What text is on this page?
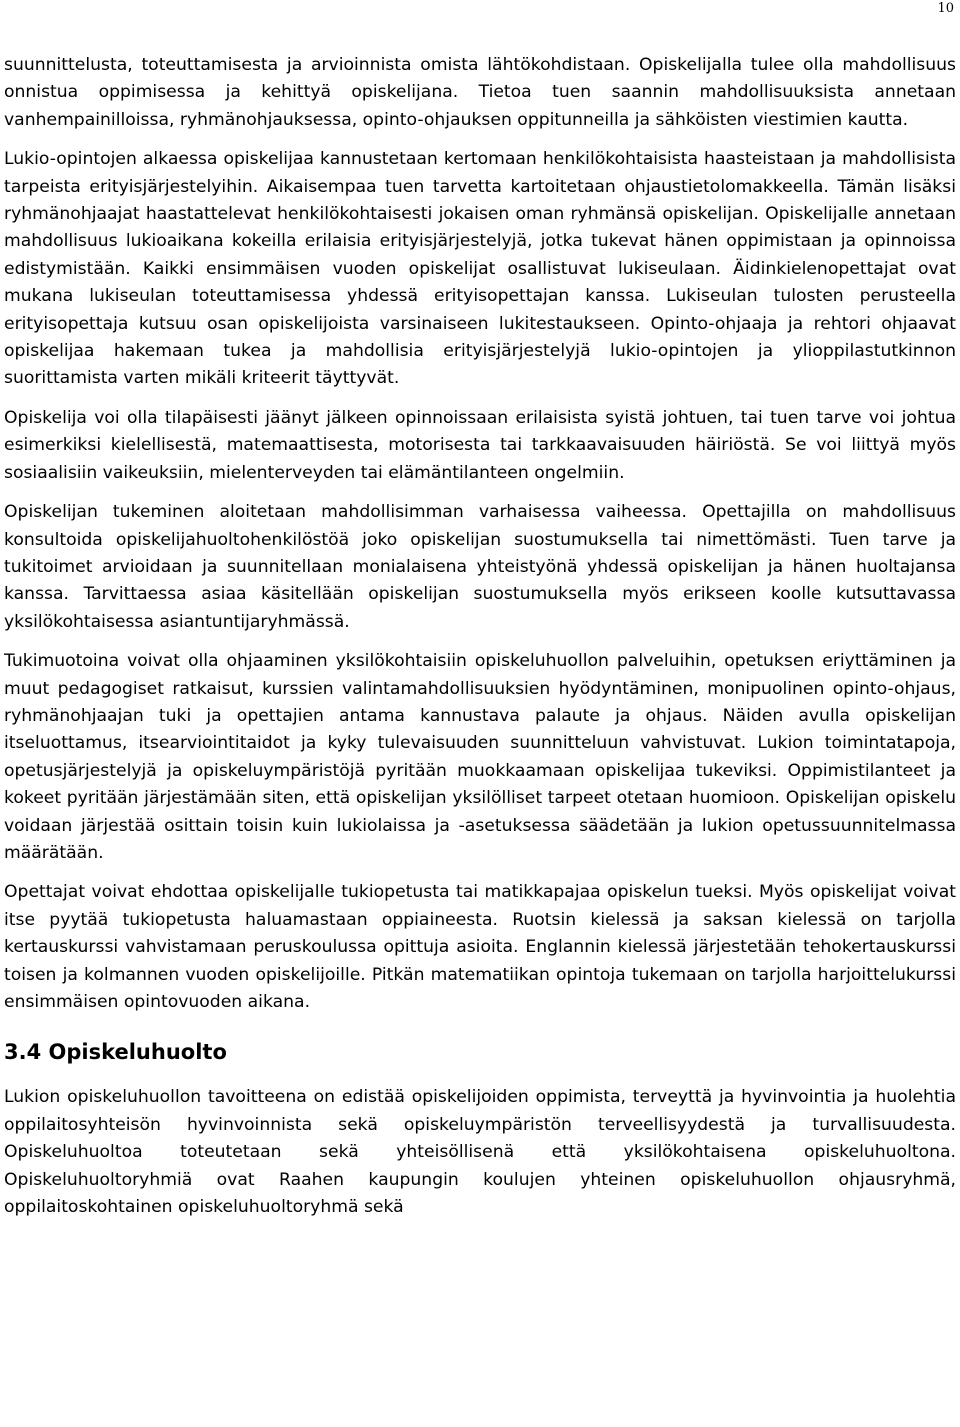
10

suunnittelusta, toteuttamisesta ja arvioinnista omista lähtökohdistaan. Opiskelijalla tulee olla mahdollisuus onnistua oppimisessa ja kehittyä opiskelijana. Tietoa tuen saannin mahdollisuuksista annetaan vanhempainilloissa, ryhmänohjauksessa, opinto-ohjauksen oppitunneilla ja sähköisten viestimien kautta.

Lukio-opintojen alkaessa opiskelijaa kannustetaan kertomaan henkilökohtaisista haasteistaan ja mahdollisista tarpeista erityisjärjestelyihin. Aikaisempaa tuen tarvetta kartoitetaan ohjaustietolomakkeella. Tämän lisäksi ryhmänohjaajat haastattelevat henkilökohtaisesti jokaisen oman ryhmänsä opiskelijan. Opiskelijalle annetaan mahdollisuus lukioaikana kokeilla erilaisia erityisjärjestelyjä, jotka tukevat hänen oppimistaan ja opinnoissa edistymistään. Kaikki ensimmäisen vuoden opiskelijat osallistuvat lukiseulaan. Äidinkielenopettajat ovat mukana lukiseulan toteuttamisessa yhdessä erityisopettajan kanssa. Lukiseulan tulosten perusteella erityisopettaja kutsuu osan opiskelijoista varsinaiseen lukitestaukseen. Opinto-ohjaaja ja rehtori ohjaavat opiskelijaa hakemaan tukea ja mahdollisia erityisjärjestelyjä lukio-opintojen ja ylioppilastutkinnon suorittamista varten mikäli kriteerit täyttyvät.

Opiskelija voi olla tilapäisesti jäänyt jälkeen opinnoissaan erilaisista syistä johtuen, tai tuen tarve voi johtua esimerkiksi kielellisestä, matemaattisesta, motorisesta tai tarkkaavaisuuden häiriöstä. Se voi liittyä myös sosiaalisiin vaikeuksiin, mielenterveyden tai elämäntilanteen ongelmiin.

Opiskelijan tukeminen aloitetaan mahdollisimman varhaisessa vaiheessa. Opettajilla on mahdollisuus konsultoida opiskelijahuoltohenkilöstöä joko opiskelijan suostumuksella tai nimettömästi. Tuen tarve ja tukitoimet arvioidaan ja suunnitellaan monialaisena yhteistyönä yhdessä opiskelijan ja hänen huoltajansa kanssa. Tarvittaessa asiaa käsitellään opiskelijan suostumuksella myös erikseen koolle kutsuttavassa yksilökohtaisessa asiantuntijaryhmässä.

Tukimuotoina voivat olla ohjaaminen yksilökohtaisiin opiskeluhuollon palveluihin, opetuksen eriyttäminen ja muut pedagogiset ratkaisut, kurssien valintamahdollisuuksien hyödyntäminen, monipuolinen opinto-ohjaus, ryhmänohjaajan tuki ja opettajien antama kannustava palaute ja ohjaus. Näiden avulla opiskelijan itseluottamus, itsearviointitaidot ja kyky tulevaisuuden suunnitteluun vahvistuvat. Lukion toimintatapoja, opetusjärjestelyjä ja opiskeluympäristöjä pyritään muokkaamaan opiskelijaa tukeviksi. Oppimistilanteet ja kokeet pyritään järjestämään siten, että opiskelijan yksilölliset tarpeet otetaan huomioon. Opiskelijan opiskelu voidaan järjestää osittain toisin kuin lukiolaissa ja -asetuksessa säädetään ja lukion opetussuunnitelmassa määrätään.

Opettajat voivat ehdottaa opiskelijalle tukiopetusta tai matikkapajaa opiskelun tueksi. Myös opiskelijat voivat itse pyytää tukiopetusta haluamastaan oppiaineesta. Ruotsin kielessä ja saksan kielessä on tarjolla kertauskurssi vahvistamaan peruskoulussa opittuja asioita. Englannin kielessä järjestetään tehokertauskurssi toisen ja kolmannen vuoden opiskelijoille. Pitkän matematiikan opintoja tukemaan on tarjolla harjoittelukurssi ensimmäisen opintovuoden aikana.

3.4 Opiskeluhuolto

Lukion opiskeluhuollon tavoitteena on edistää opiskelijoiden oppimista, terveyttä ja hyvinvointia ja huolehtia oppilaitosyhteisön hyvinvoinnista sekä opiskeluympäristön terveellisyydestä ja turvallisuudesta. Opiskeluhuoltoa toteutetaan sekä yhteisöllisenä että yksilökohtaisena opiskeluhuoltona. Opiskeluhuoltoryhmiä ovat Raahen kaupungin koulujen yhteinen opiskeluhuollon ohjausryhmä, oppilaitoskohtainen opiskeluhuoltoryhmä sekä
